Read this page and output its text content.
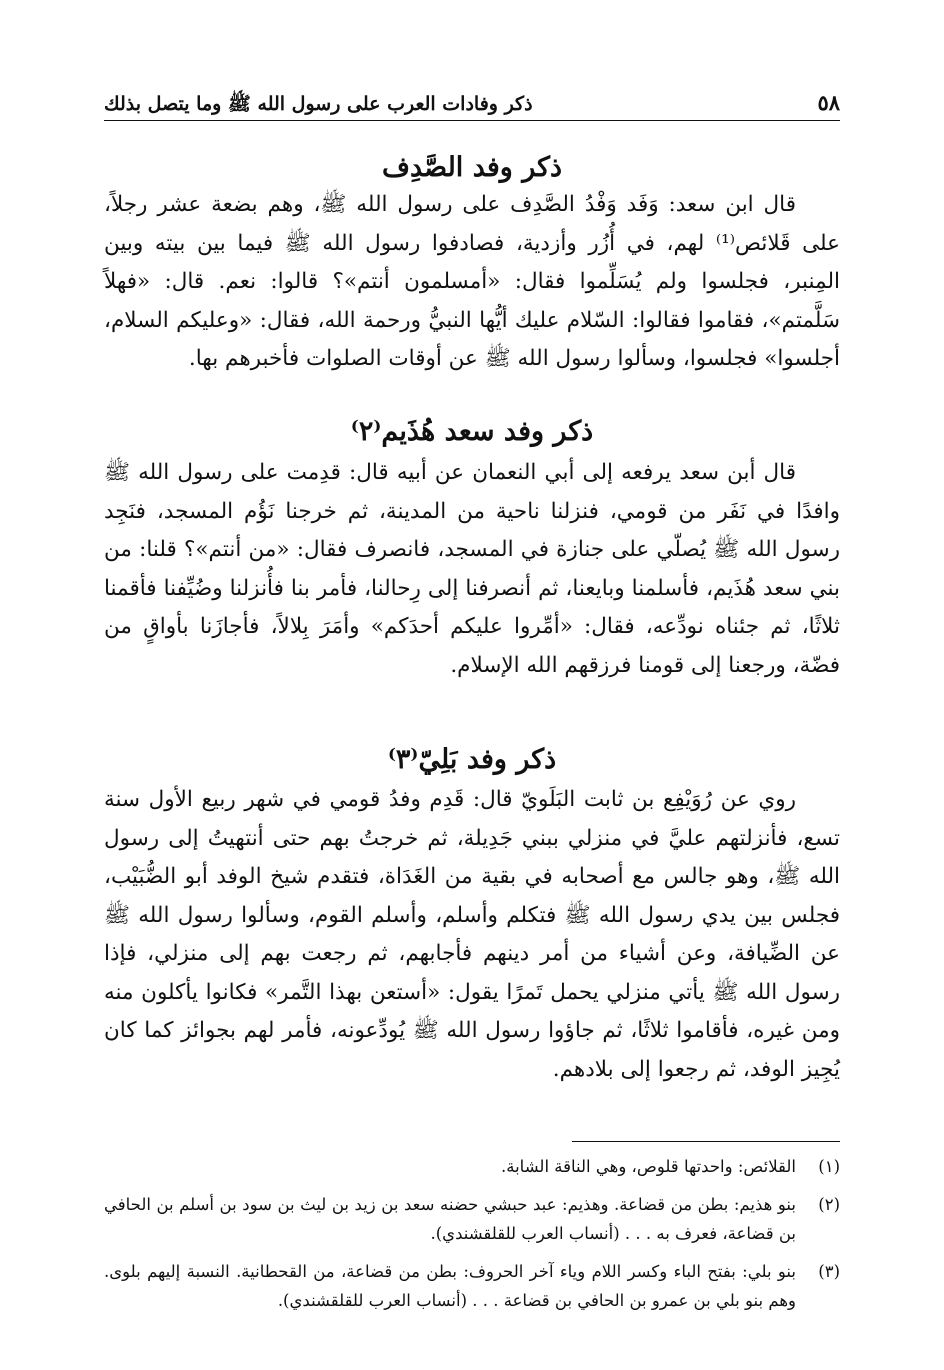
٥٨
ذكر وفادات العرب على رسول الله ﷺ وما يتصل بذلك
ذكر وفد الصَّدِف

قال ابن سعد: وَفَد وَفْدُ الصَّدِف على رسول الله ﷺ، وهم بضعة عشر رجلاً، على قَلائص⁽¹⁾ لهم، في أُزُر وأزدية، فصادفوا رسول الله ﷺ فيما بين بيته وبين المِنبر، فجلسوا ولم يُسَلِّموا فقال: «أمسلمون أنتم»؟ قالوا: نعم. قال: «فهلاً سَلَّمتم»، فقاموا فقالوا: السّلام عليك أيُّها النبيُّ ورحمة الله، فقال: «وعليكم السلام، أجلسوا» فجلسوا، وسألوا رسول الله ﷺ عن أوقات الصلوات فأخبرهم بها.

ذكر وفد سعد هُذَيم⁽٢⁾

قال أبن سعد يرفعه إلى أبي النعمان عن أبيه قال: قدِمت على رسول الله ﷺ وافدًا في نَفَر من قومي، فنزلنا ناحية من المدينة، ثم خرجنا نَؤُم المسجد، فنَجِد رسول الله ﷺ يُصلّي على جنازة في المسجد، فانصرف فقال: «من أنتم»؟ قلنا: من بني سعد هُذَيم، فأسلمنا وبايعنا، ثم أنصرفنا إلى رِحالنا، فأمر بنا فأُنزلنا وضُيِّفنا فأقمنا ثلاثًا، ثم جئناه نودِّعه، فقال: «أمِّروا عليكم أحدَكم» وأمَرَ بِلالاً، فأجازَنا بأواقٍ من فضّة، ورجعنا إلى قومنا فرزقهم الله الإسلام.

ذكر وفد بَلِيّ⁽٣⁾

روي عن رُوَيْفِع بن ثابت البَلَويّ قال: قَدِم وفدُ قومي في شهر ربيع الأول سنة تسع، فأنزلتهم عليَّ في منزلي ببني جَدِيلة، ثم خرجتُ بهم حتى أنتهيتُ إلى رسول الله ﷺ، وهو جالس مع أصحابه في بقية من الغَدَاة، فتقدم شيخ الوفد أبو الضُّبَيْب، فجلس بين يدي رسول الله ﷺ فتكلم وأسلم، وأسلم القوم، وسألوا رسول الله ﷺ عن الضِّيافة، وعن أشياء من أمر دينهم فأجابهم، ثم رجعت بهم إلى منزلي، فإذا رسول الله ﷺ يأتي منزلي يحمل تَمرًا يقول: «أستعن بهذا التَّمر» فكانوا يأكلون منه ومن غيره، فأقاموا ثلاثًا، ثم جاؤوا رسول الله ﷺ يُودِّعونه، فأمر لهم بجوائز كما كان يُجِيز الوفد، ثم رجعوا إلى بلادهم.

(١)
القلائص: واحدتها قلوص، وهي الناقة الشابة.
(٢)
بنو هذيم: بطن من قضاعة. وهذيم: عبد حبشي حضنه سعد بن زيد بن ليث بن سود بن أسلم بن الحافي بن قضاعة، فعرف به . . . (أنساب العرب للقلقشندي).
(٣)
بنو بلي: بفتح الباء وكسر اللام وياء آخر الحروف: بطن من قضاعة، من القحطانية. النسبة إليهم بلوى. وهم بنو بلي بن عمرو بن الحافي بن قضاعة . . . (أنساب العرب للقلقشندي).
